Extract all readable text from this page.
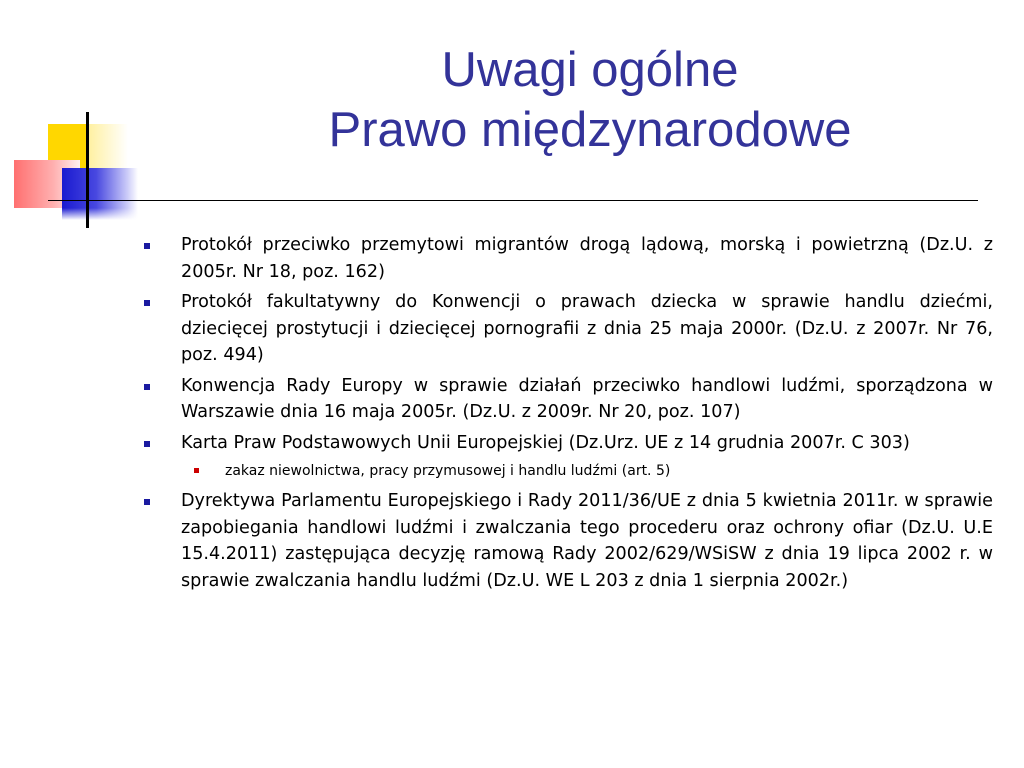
Uwagi ogólne
Prawo międzynarodowe
Protokół przeciwko przemytowi migrantów drogą lądową, morską i powietrzną (Dz.U. z 2005r. Nr 18, poz. 162)
Protokół fakultatywny do Konwencji o prawach dziecka w sprawie handlu dziećmi, dziecięcej prostytucji i dziecięcej pornografii z dnia 25 maja 2000r. (Dz.U. z 2007r. Nr 76, poz. 494)
Konwencja Rady Europy w sprawie działań przeciwko handlowi ludźmi, sporządzona w Warszawie dnia 16 maja 2005r. (Dz.U. z 2009r. Nr 20, poz. 107)
Karta Praw Podstawowych Unii Europejskiej (Dz.Urz. UE z 14 grudnia 2007r. C 303)
zakaz niewolnictwa, pracy przymusowej i handlu ludźmi (art. 5)
Dyrektywa Parlamentu Europejskiego i Rady 2011/36/UE z dnia 5 kwietnia 2011r. w sprawie zapobiegania handlowi ludźmi i zwalczania tego procederu oraz ochrony ofiar (Dz.U. U.E 15.4.2011) zastępująca decyzję ramową Rady 2002/629/WSiSW z dnia 19 lipca 2002 r. w sprawie zwalczania handlu ludźmi (Dz.U. WE L 203 z dnia 1 sierpnia 2002r.)
